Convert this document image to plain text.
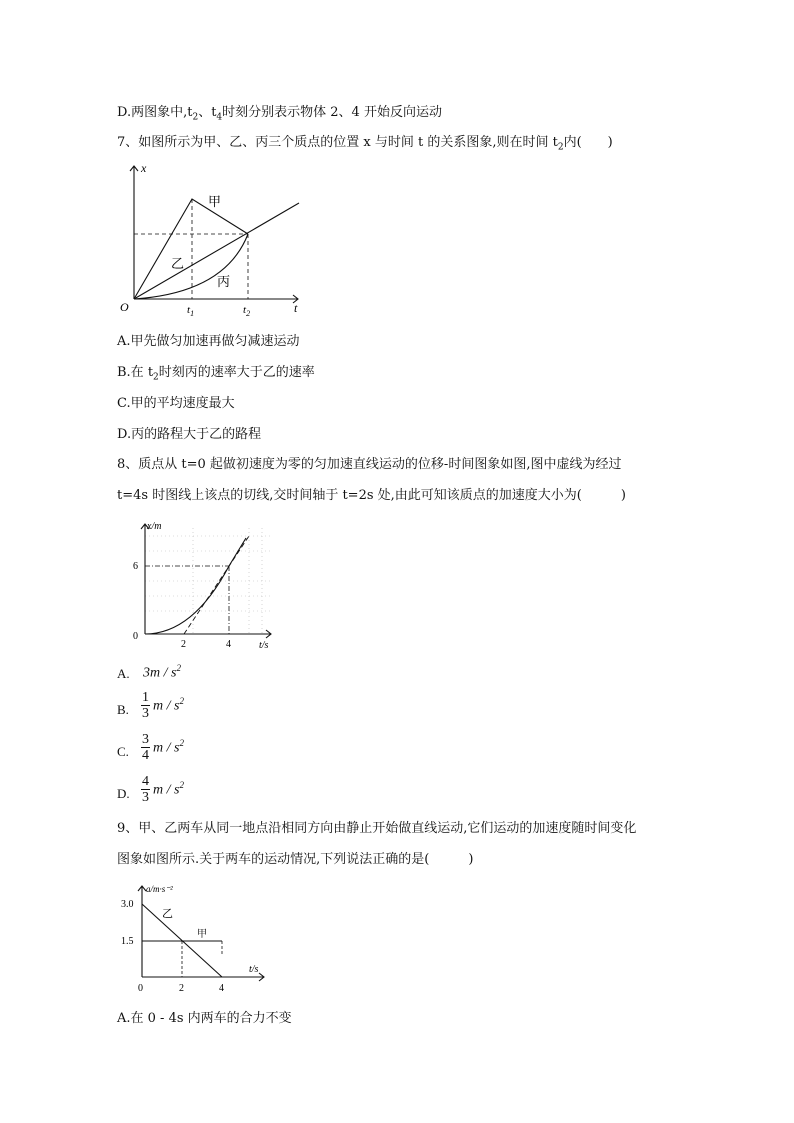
D.两图象中$,t_2$、$t_4$时刻分别表示物体 2、4 开始反向运动
7、如图所示为甲、乙、丙三个质点的位置 x 与时间 t 的关系图象,则在时间 $t_2$内(　　)
x
t
O	$t_1$	$t_2$
甲
乙
丙
A.甲先做匀加速再做匀减速运动
B.在 $t_2$时刻丙的速率大于乙的速率
C.甲的平均速度最大
D.丙的路程大于乙的路程
8、质点从 t=0 起做初速度为零的匀加速直线运动的位移-时间图象如图,图中虚线为经过
t=4s 时图线上该点的切线,交时间轴于 t=2s 处,由此可知该质点的加速度大小为(　　　)
x/m
t/s
0
6
2	4
A. $3m / s^2$
B.
1
3 m / $s^2$
C.
3
4 m / $s^2$
D.
4
3 m / $s^2$
9、甲、乙两车从同一地点沿相同方向由静止开始做直线运动,它们运动的加速度随时间变化
图象如图所示.关于两车的运动情况,下列说法正确的是(　　　)
a/m·s⁻²
t/s
0
3.0
1.5
2	4
乙
甲
A.在 0 - 4s 内两车的合力不变
